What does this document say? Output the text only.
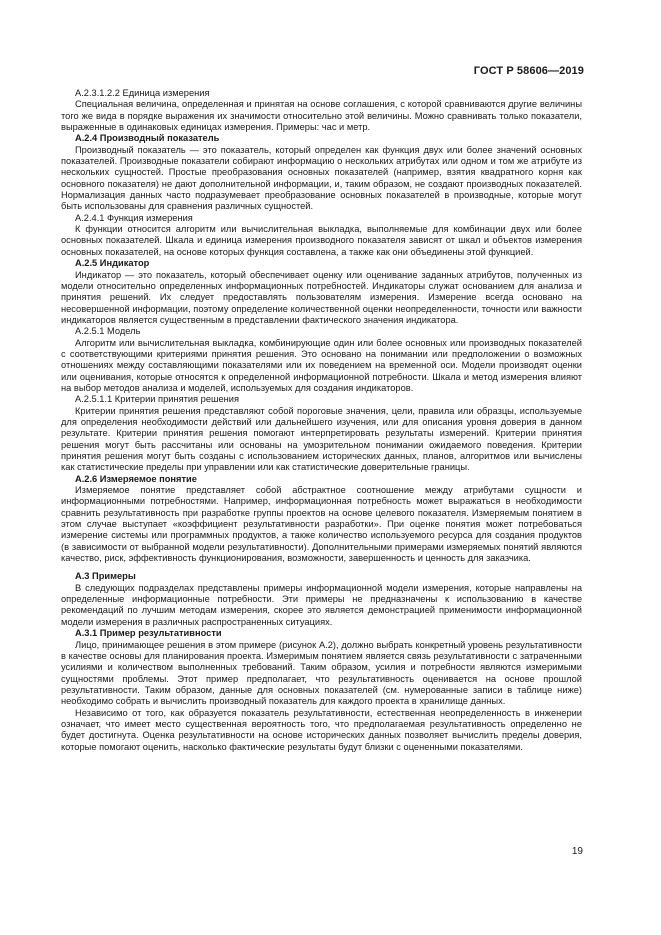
ГОСТ Р 58606—2019

А.2.3.1.2.2 Единица измерения

Специальная величина, определенная и принятая на основе соглашения, с которой сравниваются другие величины того же вида в порядке выражения их значимости относительно этой величины. Можно сравнивать только показатели, выраженные в одинаковых единицах измерения. Примеры: час и метр.

А.2.4 Производный показатель

Производный показатель — это показатель, который определен как функция двух или более значений основных показателей. Производные показатели собирают информацию о нескольких атрибутах или одном и том же атрибуте из нескольких сущностей. Простые преобразования основных показателей (например, взятия квадратного корня как основного показателя) не дают дополнительной информации, и, таким образом, не создают производных показателей. Нормализация данных часто подразумевает преобразование основных показателей в производные, которые могут быть использованы для сравнения различных сущностей.

А.2.4.1 Функция измерения

К функции относится алгоритм или вычислительная выкладка, выполняемые для комбинации двух или более основных показателей. Шкала и единица измерения производного показателя зависят от шкал и объектов измерения основных показателей, на основе которых функция составлена, а также как они объединены этой функцией.

А.2.5 Индикатор

Индикатор — это показатель, который обеспечивает оценку или оценивание заданных атрибутов, полученных из модели относительно определенных информационных потребностей. Индикаторы служат основанием для анализа и принятия решений. Их следует предоставлять пользователям измерения. Измерение всегда основано на несовершенной информации, поэтому определение количественной оценки неопределенности, точности или важности индикаторов является существенным в представлении фактического значения индикатора.

А.2.5.1 Модель

Алгоритм или вычислительная выкладка, комбинирующие один или более основных или производных показателей с соответствующими критериями принятия решения. Это основано на понимании или предположении о возможных отношениях между составляющими показателями или их поведением на временной оси. Модели производят оценки или оценивания, которые относятся к определенной информационной потребности. Шкала и метод измерения влияют на выбор методов анализа и моделей, используемых для создания индикаторов.

А.2.5.1.1 Критерии принятия решения

Критерии принятия решения представляют собой пороговые значения, цели, правила или образцы, используемые для определения необходимости действий или дальнейшего изучения, или для описания уровня доверия в данном результате. Критерии принятия решения помогают интерпретировать результаты измерений. Критерии принятия решения могут быть рассчитаны или основаны на умозрительном понимании ожидаемого поведения. Критерии принятия решения могут быть созданы с использованием исторических данных, планов, алгоритмов или вычислены как статистические пределы при управлении или как статистические доверительные границы.

А.2.6 Измеряемое понятие

Измеряемое понятие представляет собой абстрактное соотношение между атрибутами сущности и информационными потребностями. Например, информационная потребность может выражаться в необходимости сравнить результативность при разработке группы проектов на основе целевого показателя. Измеряемым понятием в этом случае выступает «коэффициент результативности разработки». При оценке понятия может потребоваться измерение системы или программных продуктов, а также количество используемого ресурса для создания продуктов (в зависимости от выбранной модели результативности). Дополнительными примерами измеряемых понятий являются качество, риск, эффективность функционирования, возможности, завершенность и ценность для заказчика.

А.3 Примеры

В следующих подразделах представлены примеры информационной модели измерения, которые направлены на определенные информационные потребности. Эти примеры не предназначены к использованию в качестве рекомендаций по лучшим методам измерения, скорее это является демонстрацией применимости информационной модели измерения в различных распространенных ситуациях.

А.3.1 Пример результативности

Лицо, принимающее решения в этом примере (рисунок А.2), должно выбрать конкретный уровень результативности в качестве основы для планирования проекта. Измеримым понятием является связь результативности с затраченными усилиями и количеством выполненных требований. Таким образом, усилия и потребности являются измеримыми сущностями проблемы. Этот пример предполагает, что результативность оценивается на основе прошлой результативности. Таким образом, данные для основных показателей (см. нумерованные записи в таблице ниже) необходимо собрать и вычислить производный показатель для каждого проекта в хранилище данных.

Независимо от того, как образуется показатель результативности, естественная неопределенность в инженерии означает, что имеет место существенная вероятность того, что предполагаемая результативность определенно не будет достигнута. Оценка результативности на основе исторических данных позволяет вычислить пределы доверия, которые помогают оценить, насколько фактические результаты будут близки с оцененными показателями.

19
